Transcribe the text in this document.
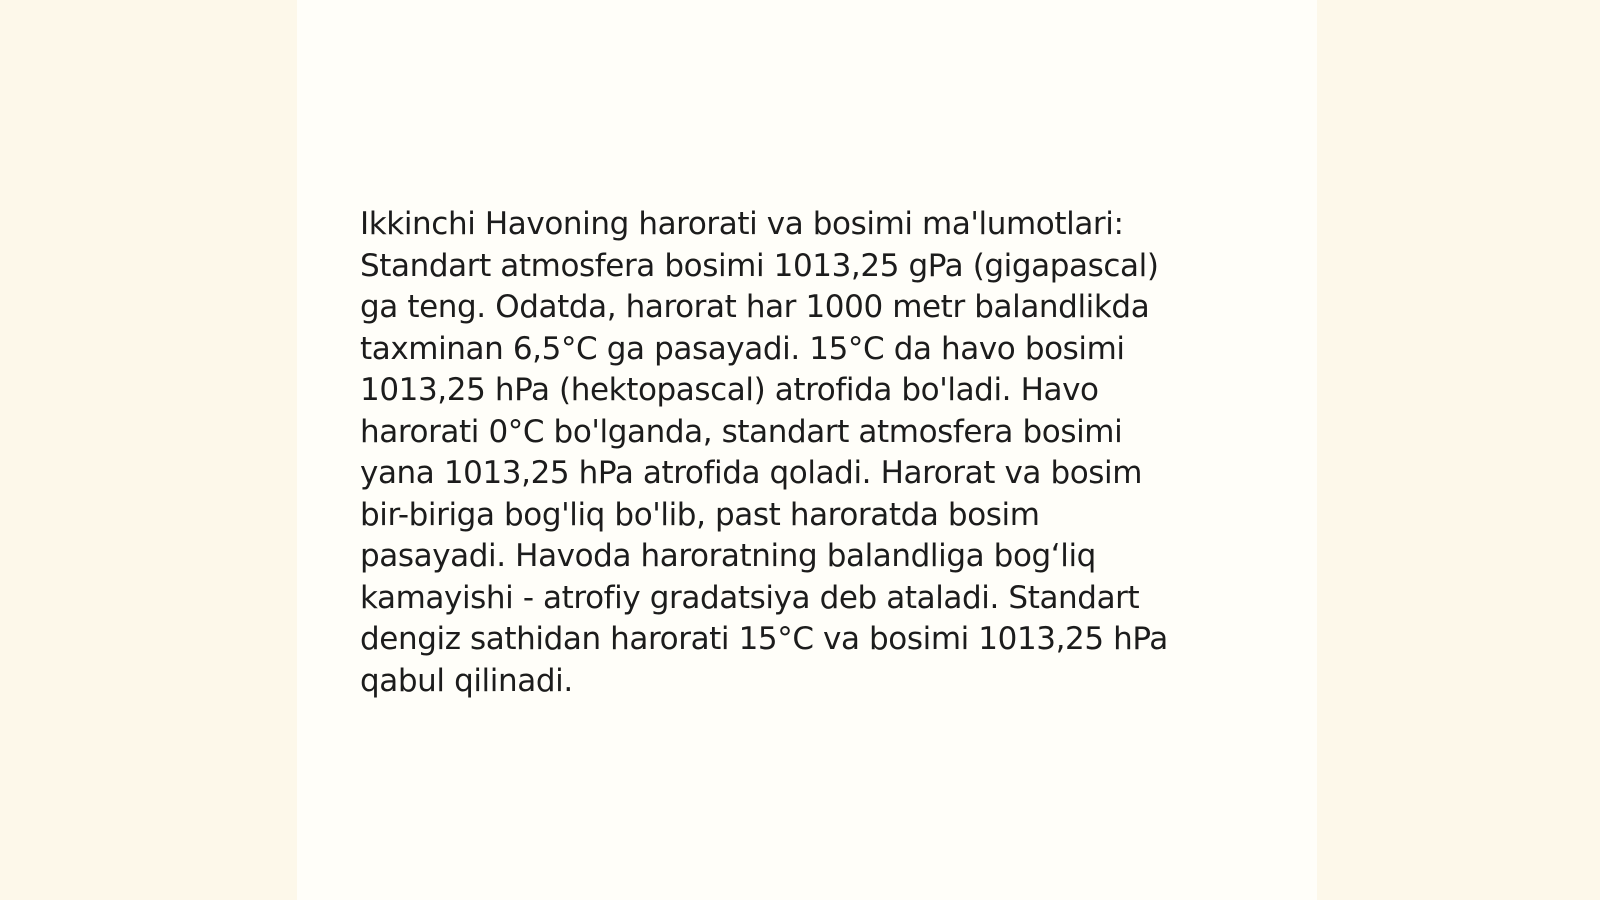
Ikkinchi Havoning harorati va bosimi ma'lumotlari:
Standart atmosfera bosimi 1013,25 gPa (gigapascal)
ga teng. Odatda, harorat har 1000 metr balandlikda
taxminan 6,5°C ga pasayadi. 15°C da havo bosimi
1013,25 hPa (hektopascal) atrofida bo'ladi. Havo
harorati 0°C bo'lganda, standart atmosfera bosimi
yana 1013,25 hPa atrofida qoladi. Harorat va bosim
bir-biriga bog'liq bo'lib, past haroratda bosim
pasayadi. Havoda haroratning balandliga bog‘liq
kamayishi - atrofiy gradatsiya deb ataladi. Standart
dengiz sathidan harorati 15°C va bosimi 1013,25 hPa
qabul qilinadi.
